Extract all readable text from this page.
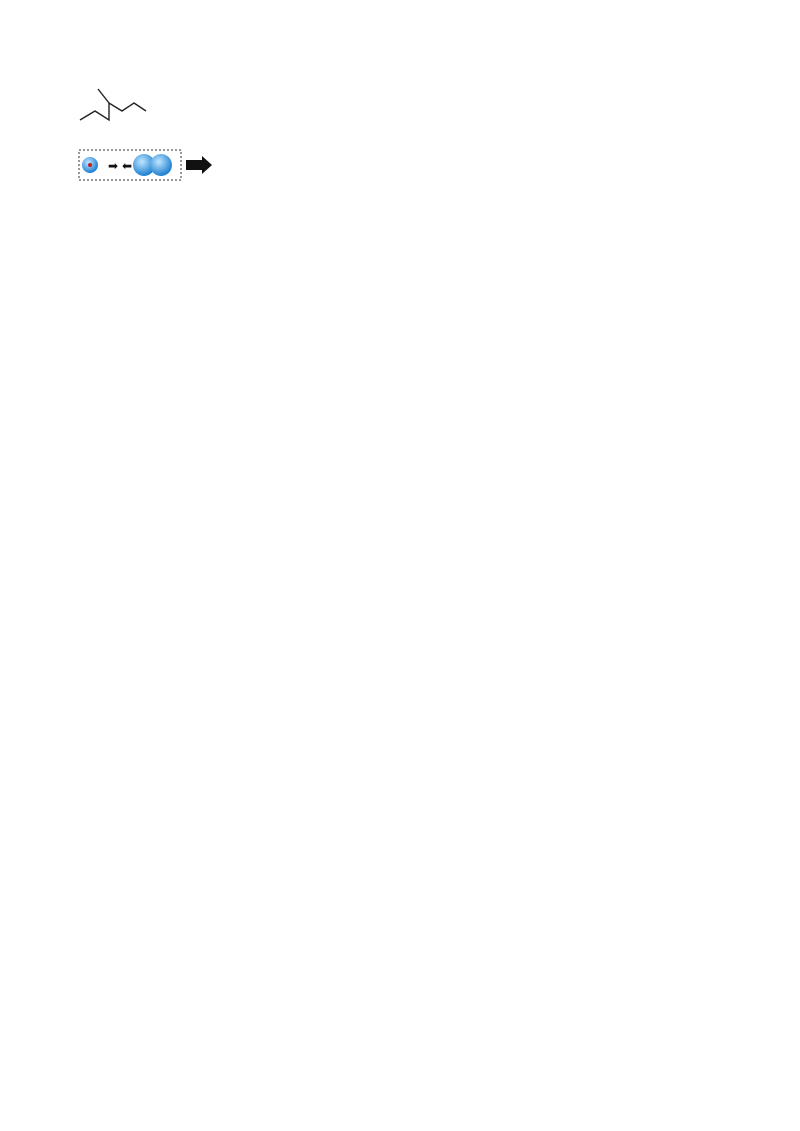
➡ ⬅
